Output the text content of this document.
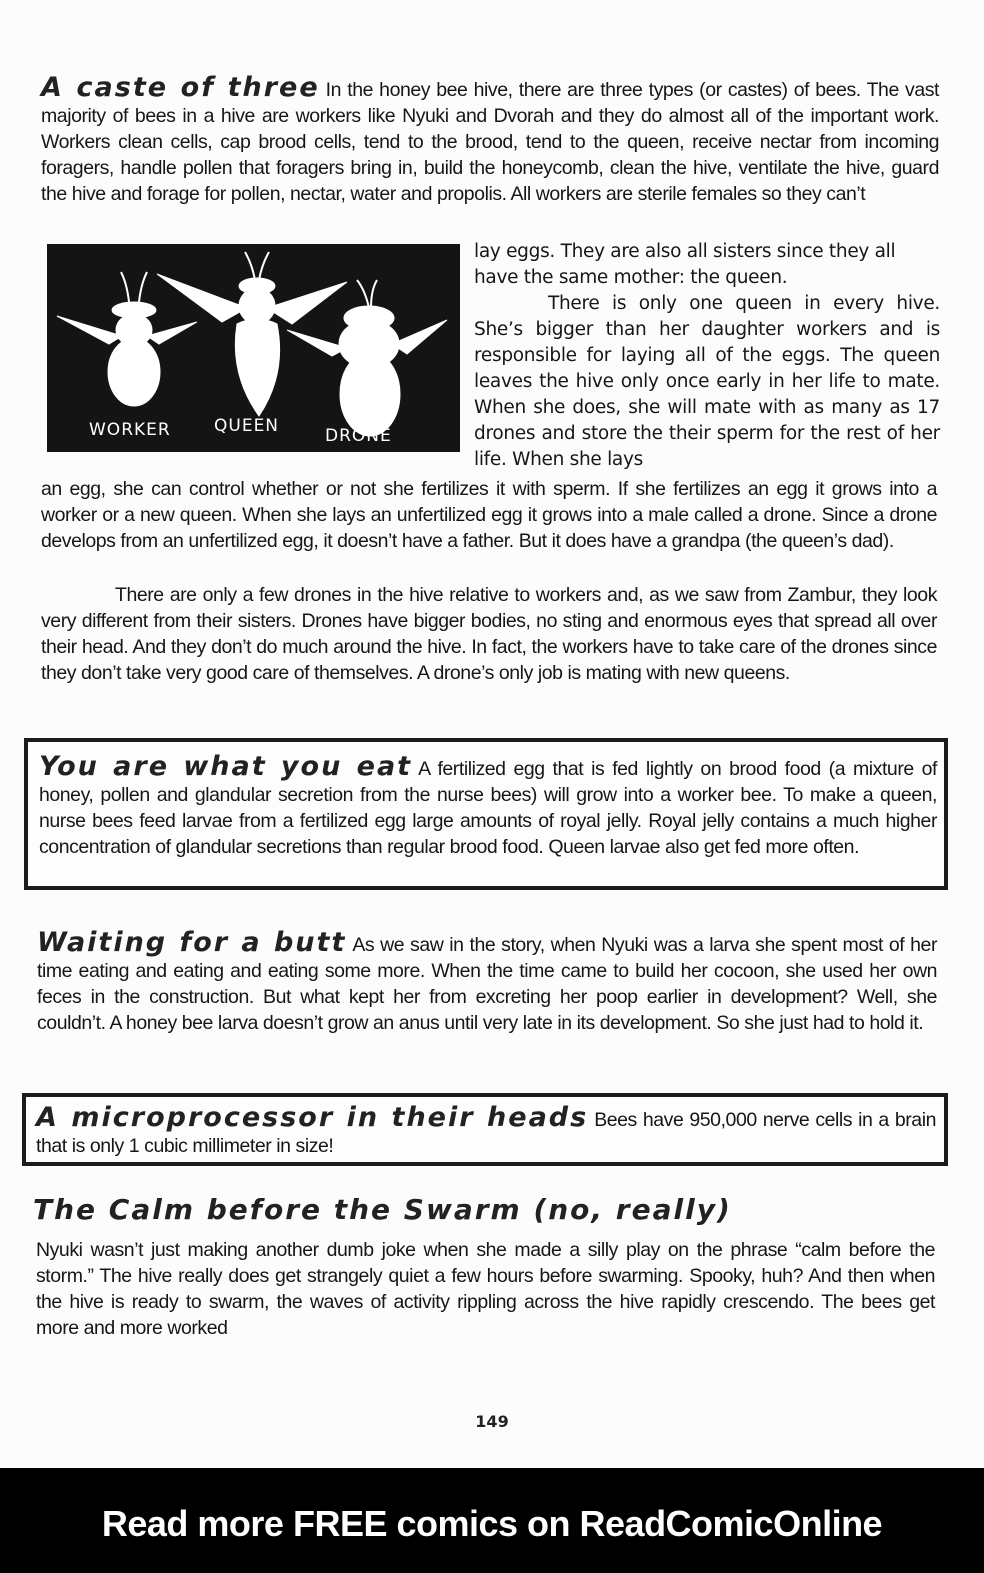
A caste of three In the honey bee hive, there are three types (or castes) of bees. The vast majority of bees in a hive are workers like Nyuki and Dvorah and they do almost all of the important work. Workers clean cells, cap brood cells, tend to the brood, tend to the queen, receive nectar from incoming foragers, handle pollen that foragers bring in, build the honeycomb, clean the hive, ventilate the hive, guard the hive and forage for pollen, nectar, water and propolis. All workers are sterile females so they can’t
WORKER	QUEEN	DRONE
lay eggs. They are also all sisters since they all have the same mother: the queen.
There is only one queen in every hive. She’s bigger than her daughter workers and is responsible for laying all of the eggs. The queen leaves the hive only once early in her life to mate. When she does, she will mate with as many as 17 drones and store the their sperm for the rest of her life. When she lays
an egg, she can control whether or not she fertilizes it with sperm. If she fertilizes an egg it grows into a worker or a new queen. When she lays an unfertilized egg it grows into a male called a drone. Since a drone develops from an unfertilized egg, it doesn’t have a father. But it does have a grandpa (the queen’s dad).
There are only a few drones in the hive relative to workers and, as we saw from Zambur, they look very different from their sisters. Drones have bigger bodies, no sting and enormous eyes that spread all over their head. And they don’t do much around the hive. In fact, the workers have to take care of the drones since they don’t take very good care of themselves. A drone’s only job is mating with new queens.
You are what you eat A fertilized egg that is fed lightly on brood food (a mixture of honey, pollen and glandular secretion from the nurse bees) will grow into a worker bee. To make a queen, nurse bees feed larvae from a fertilized egg large amounts of royal jelly. Royal jelly contains a much higher concentration of glandular secretions than regular brood food. Queen larvae also get fed more often.
Waiting for a butt As we saw in the story, when Nyuki was a larva she spent most of her time eating and eating and eating some more. When the time came to build her cocoon, she used her own feces in the construction. But what kept her from excreting her poop earlier in development? Well, she couldn’t. A honey bee larva doesn’t grow an anus until very late in its development. So she just had to hold it.
A microprocessor in their heads Bees have 950,000 nerve cells in a brain that is only 1 cubic millimeter in size!
The Calm before the Swarm (no, really)
Nyuki wasn’t just making another dumb joke when she made a silly play on the phrase “calm before the storm.” The hive really does get strangely quiet a few hours before swarming. Spooky, huh? And then when the hive is ready to swarm, the waves of activity rippling across the hive rapidly crescendo. The bees get more and more worked
149
Read more FREE comics on ReadComicOnline
